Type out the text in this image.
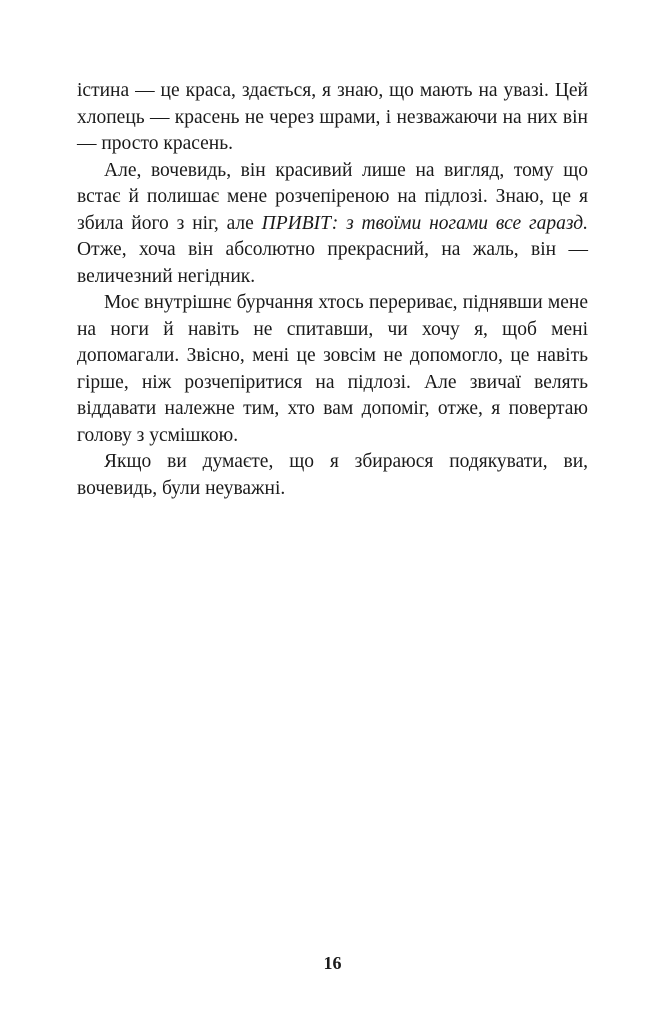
істина — це краса, здається, я знаю, що мають на увазі. Цей хлопець — красень не через шрами, і незважаючи на них він — просто красень.

Але, вочевидь, він красивий лише на вигляд, тому що встає й полишає мене розчепіреною на підлозі. Знаю, це я збила його з ніг, але ПРИВІТ: з твоїми ногами все гаразд. Отже, хоча він абсолютно прекрасний, на жаль, він — величезний негідник.

Моє внутрішнє бурчання хтось перериває, піднявши мене на ноги й навіть не спитавши, чи хочу я, щоб мені допомагали. Звісно, мені це зовсім не допомогло, це навіть гірше, ніж розчепіритися на підлозі. Але звичаї велять віддавати належне тим, хто вам допоміг, отже, я повертаю голову з усмішкою.

Якщо ви думаєте, що я збираюся подякувати, ви, вочевидь, були неуважні.

16
